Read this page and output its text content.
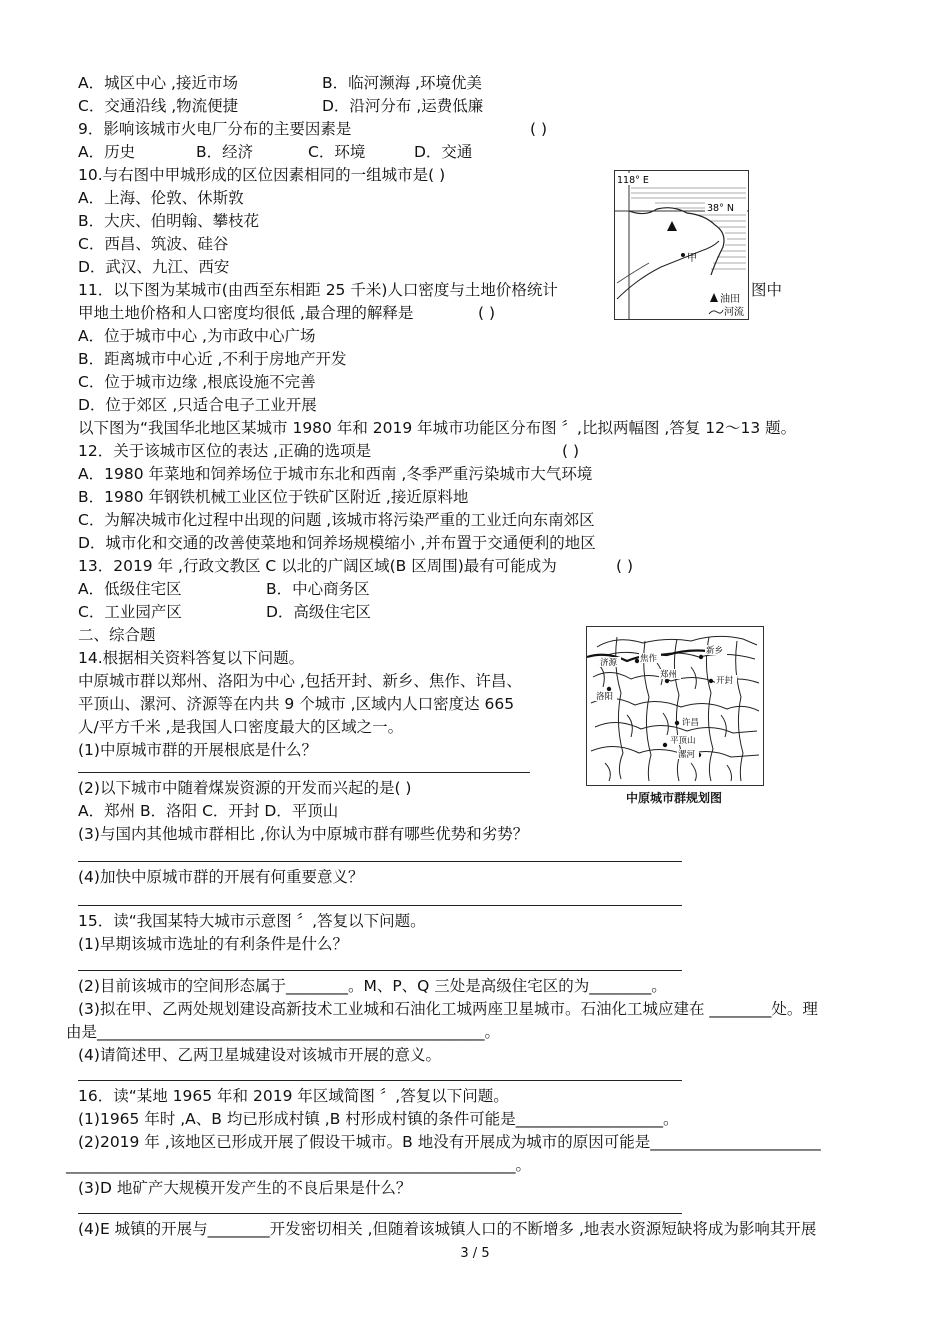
A．城区中心 ,接近市场	B．临河濒海 ,环境优美
C．交通沿线 ,物流便捷	D．沿河分布 ,运费低廉
9．影响该城市火电厂分布的主要因素是	( )
A．历史	B．经济	C．环境	D．交通
10.与右图中甲城形成的区位因素相同的一组城市是( )
A．上海、伦敦、休斯敦
B．大庆、伯明翰、攀枝花
C．西昌、筑波、硅谷
D．武汉、九江、西安	甲
118° E
38° N
油田
河流
11．以下图为某城市(由西至东相距 25 千米)人口密度与土地价格统计	图中
甲地土地价格和人口密度均很低 ,最合理的解释是	( )
A．位于城市中心 ,为市政中心广场
B．距离城市中心近 ,不利于房地产开发
C．位于城市边缘 ,根底设施不完善
D．位于郊区 ,只适合电子工业开展
以下图为“我国华北地区某城市 1980 年和 2019 年城市功能区分布图 〞,比拟两幅图 ,答复 12～13 题。
12．关于该城市区位的表达 ,正确的选项是	( )
A．1980 年菜地和饲养场位于城市东北和西南 ,冬季严重污染城市大气环境
B．1980 年钢铁机械工业区位于铁矿区附近 ,接近原料地
C．为解决城市化过程中出现的问题 ,该城市将污染严重的工业迁向东南郊区
D．城市化和交通的改善使菜地和饲养场规模缩小 ,并布置于交通便利的地区
13．2019 年 ,行政文教区 C 以北的广阔区域(B 区周围)最有可能成为	( )
A．低级住宅区	B．中心商务区
C．工业园产区	D．高级住宅区
二、综合题
14.根据相关资料答复以下问题。
中原城市群以郑州、洛阳为中心 ,包括开封、新乡、焦作、许昌、
平顶山、漯河、济源等在内共 9 个城市 ,区域内人口密度达 665
人/平方千米 ,是我国人口密度最大的区域之一。
(1)中原城市群的开展根底是什么？
(2)以下城市中随着煤炭资源的开发而兴起的是( )
A．郑州 B．洛阳 C．开封 D．平顶山
(3)与国内其他城市群相比 ,你认为中原城市群有哪些优势和劣势？
(4)加快中原城市群的开展有何重要意义？
济源	焦作
新乡
郑州
开封
洛阳
许昌
平顶山
漯河
中原城市群规划图
15．读“我国某特大城市示意图 〞,答复以下问题。
(1)早期该城市选址的有利条件是什么？
(2)目前该城市的空间形态属于________。M、P、Q 三处是高级住宅区的为________。
(3)拟在甲、乙两处规划建设高新技术工业城和石油化工城两座卫星城市。石油化工城应建在 ________处。理
由是__________________________________________________。
(4)请简述甲、乙两卫星城建设对该城市开展的意义。
16．读“某地 1965 年和 2019 年区域简图 〞,答复以下问题。
(1)1965 年时 ,A、B 均已形成村镇 ,B 村形成村镇的条件可能是___________________。
(2)2019 年 ,该地区已形成开展了假设干城市。B 地没有开展成为城市的原因可能是______________________
__________________________________________________________。
(3)D 地矿产大规模开发产生的不良后果是什么？
(4)E 城镇的开展与________开发密切相关 ,但随着该城镇人口的不断增多 ,地表水资源短缺将成为影响其开展
3 / 5
